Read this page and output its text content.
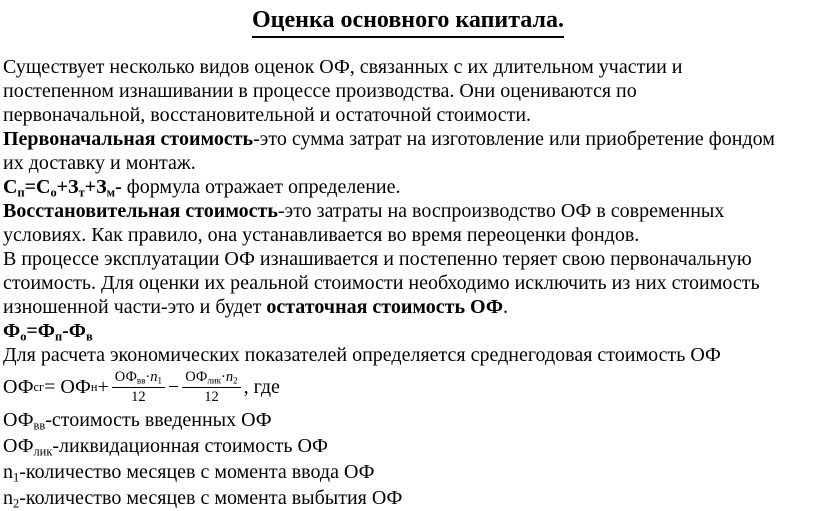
Оценка основного капитала.
Существует несколько видов оценок ОФ, связанных с их длительном участии и
постепенном изнашивании в процессе производства. Они оцениваются по
первоначальной, восстановительной и остаточной стоимости.
Первоначальная стоимость-это сумма затрат на изготовление или приобретение фондом
их доставку и монтаж.
$С_п=С_о+З_т+З_м-$ формула отражает определение.
Восстановительная стоимость-это затраты на воспроизводство ОФ в современных
условиях. Как правило, она устанавливается во время переоценки фондов.
В процессе эксплуатации ОФ изнашивается и постепенно теряет свою первоначальную
стоимость. Для оценки их реальной стоимости необходимо исключить из них стоимость
изношенной части-это и будет остаточная стоимость ОФ.
$Ф_о=Ф_п-Ф_в$
Для расчета экономических показателей определяется среднегодовая стоимость ОФ
ОФ сг = ОФ $н + \frac{ОФ_{вв}\cdot n_1}{12} - \frac{ОФ_{лик}\cdot n_2}{12}$ , где
$ОФ_{вв}$-стоимость введенных ОФ
$ОФ_{лик}$-ликвидационная стоимость ОФ
$n_1$-количество месяцев с момента ввода ОФ
$n_2$-количество месяцев с момента выбытия ОФ
